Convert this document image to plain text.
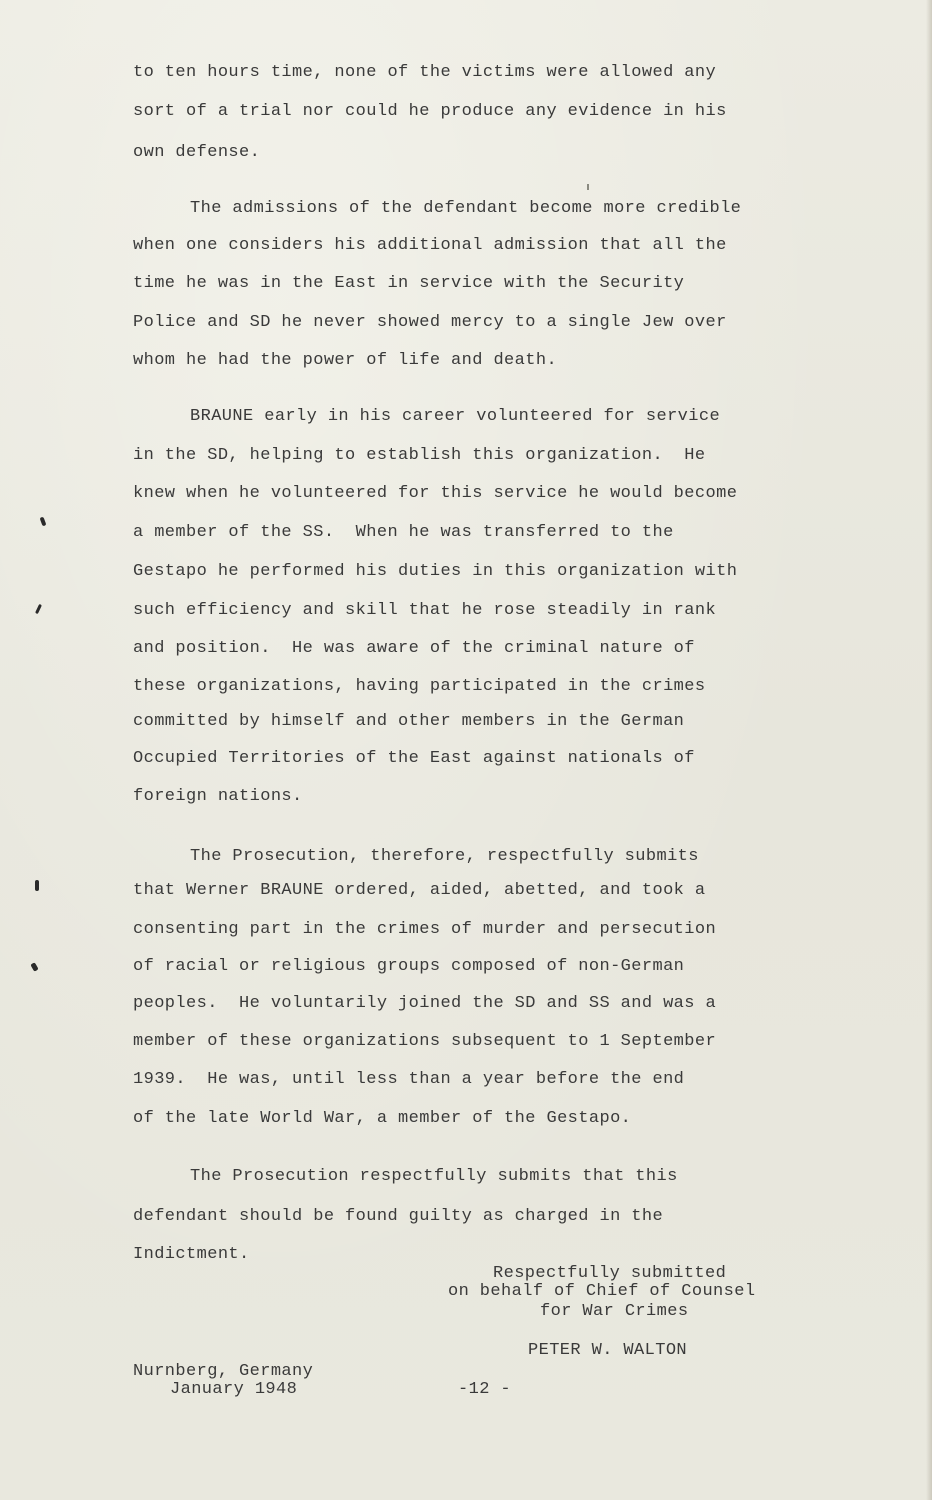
to ten hours time, none of the victims were allowed any
sort of a trial nor could he produce any evidence in his
own defense.
The admissions of the defendant become more credible
when one considers his additional admission that all the
time he was in the East in service with the Security
Police and SD he never showed mercy to a single Jew over
whom he had the power of life and death.
BRAUNE early in his career volunteered for service
in the SD, helping to establish this organization.  He
knew when he volunteered for this service he would become
a member of the SS.  When he was transferred to the
Gestapo he performed his duties in this organization with
such efficiency and skill that he rose steadily in rank
and position.  He was aware of the criminal nature of
these organizations, having participated in the crimes
committed by himself and other members in the German
Occupied Territories of the East against nationals of
foreign nations.
The Prosecution, therefore, respectfully submits
that Werner BRAUNE ordered, aided, abetted, and took a
consenting part in the crimes of murder and persecution
of racial or religious groups composed of non-German
peoples.  He voluntarily joined the SD and SS and was a
member of these organizations subsequent to 1 September
1939.  He was, until less than a year before the end
of the late World War, a member of the Gestapo.
The Prosecution respectfully submits that this
defendant should be found guilty as charged in the
Indictment.
Respectfully submitted
on behalf of Chief of Counsel
for War Crimes
PETER W. WALTON
Nurnberg, Germany
January 1948	-12 -
